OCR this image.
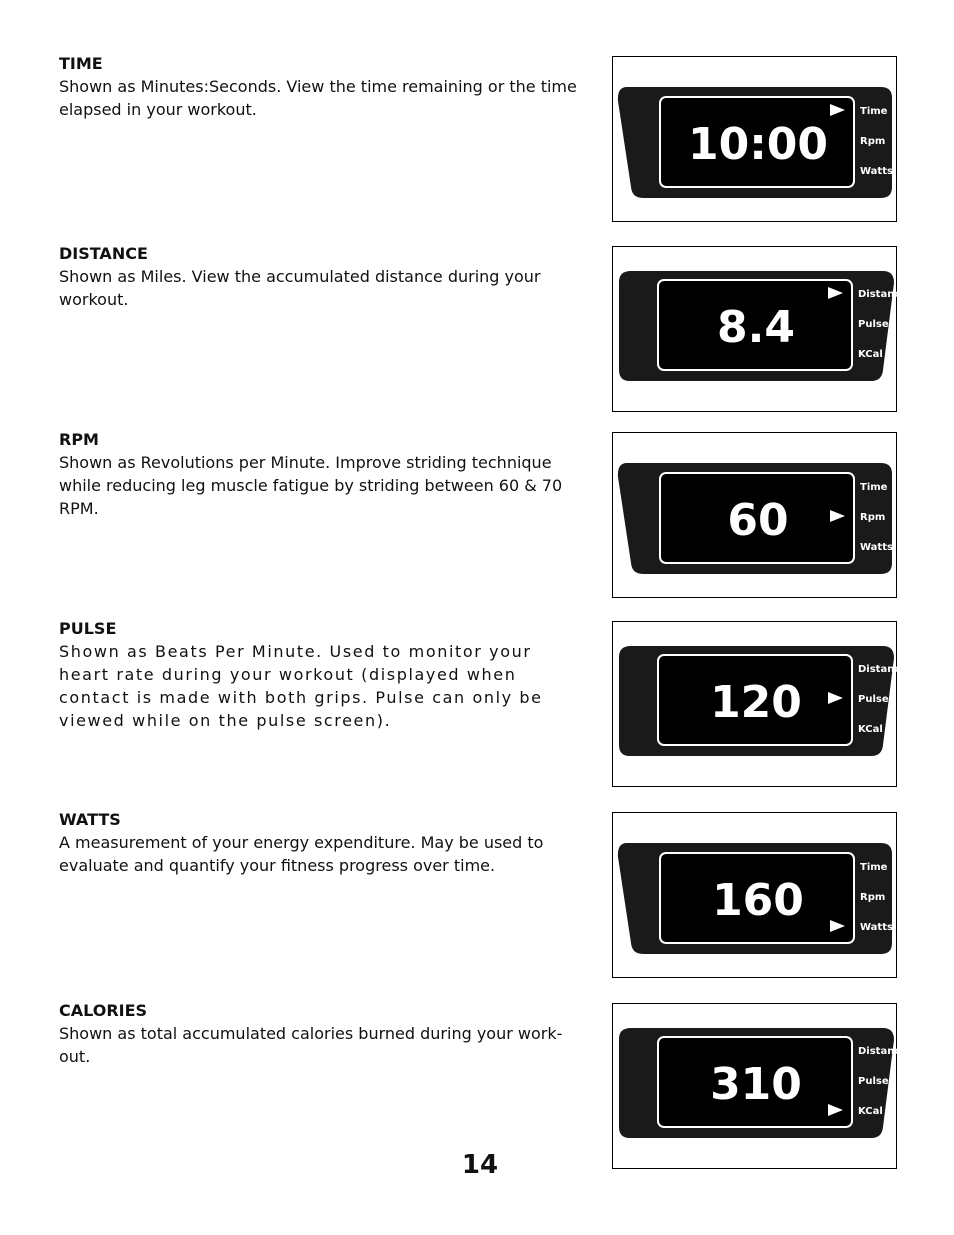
TIME

Shown as Minutes:Seconds. View the time remaining or the time elapsed in your workout.

10:00
Time
Rpm
Watts
DISTANCE

Shown as Miles. View the accumulated distance during your workout.

8.4
Distance
Pulse
KCal
RPM

Shown as Revolutions per Minute. Improve striding technique while reducing leg muscle fatigue by striding between 60 & 70 RPM.	60
Time
Rpm
Watts
PULSE

Shown as Beats Per Minute. Used to monitor your heart rate during your workout (displayed when contact is made with both grips. Pulse can only be viewed while on the pulse screen).	120
Distance
Pulse
KCal
WATTS

A measurement of your energy expenditure. May be used to evaluate and quantify your fitness progress over time.

160
Time
Rpm
Watts
CALORIES

Shown as total accumulated calories burned during your work-out.

310
Distance
Pulse
KCal
14
